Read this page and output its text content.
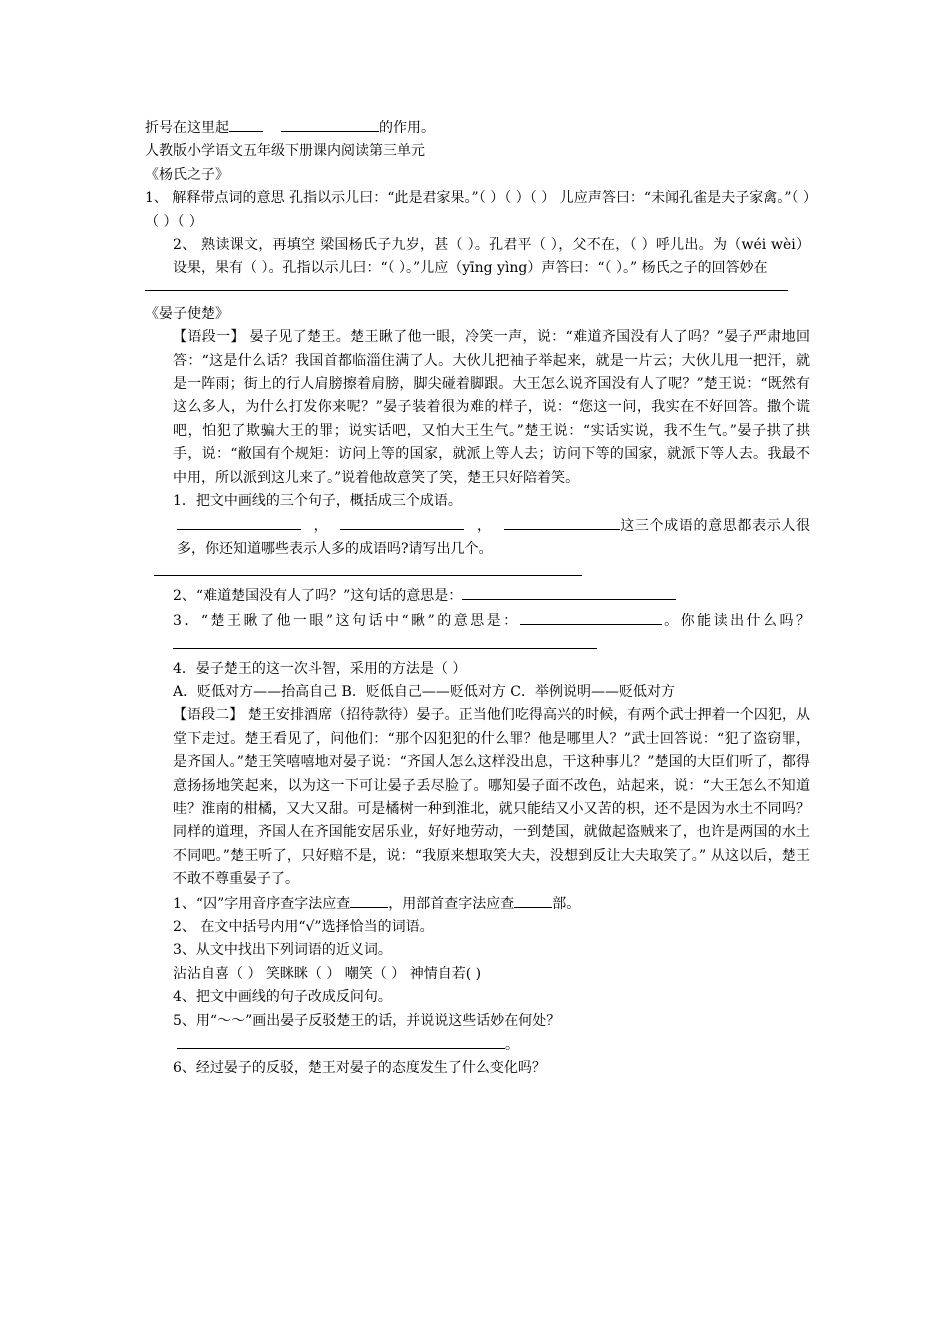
折号在这里起	的作用。
人教版小学语文五年级下册课内阅读第三单元
《杨氏之子》
1、 解释带点词的意思 孔指以示儿曰：“此是君家果。”（ ）（ ）（ ） 儿应声答曰：“未闻孔雀是夫子家禽。”（ ）（ ）（ ）
2、 熟读课文，再填空 梁国杨氏子九岁，甚（ ）。孔君平（ ），父不在，（ ）呼儿出。为（wéi wèi）设果，果有（ ）。孔指以示儿曰：“（ ）。”儿应（yīng yìng）声答曰：“（ ）。” 杨氏之子的回答妙在
《晏子使楚》
【语段一】 晏子见了楚王。楚王瞅了他一眼，冷笑一声，说：“难道齐国没有人了吗？”晏子严肃地回答：“这是什么话？我国首都临淄住满了人。大伙儿把袖子举起来，就是一片云；大伙儿甩一把汗，就是一阵雨；街上的行人肩膀擦着肩膀，脚尖碰着脚跟。大王怎么说齐国没有人了呢？”楚王说：“既然有这么多人，为什么打发你来呢？”晏子装着很为难的样子，说：“您这一问，我实在不好回答。撒个谎吧，怕犯了欺骗大王的罪；说实话吧，又怕大王生气。”楚王说：“实话实说，我不生气。”晏子拱了拱手，说：“敝国有个规矩：访问上等的国家，就派上等人去；访问下等的国家，就派下等人去。我最不中用，所以派到这儿来了。”说着他故意笑了笑，楚王只好陪着笑。
1．把文中画线的三个句子，概括成三个成语。
，	，	这三个成语的意思都表示人很多，你还知道哪些表示人多的成语吗?请写出几个。
2、“难道楚国没有人了吗？”这句话的意思是：
3．“楚王瞅了他一眼”这句话中“瞅”的意思是：	。你能读出什么吗？
4．晏子楚王的这一次斗智，采用的方法是（ ）
A．贬低对方——抬高自己 B．贬低自己——贬低对方 C．举例说明——贬低对方
【语段二】 楚王安排酒席（招待款待）晏子。正当他们吃得高兴的时候，有两个武士押着一个囚犯，从堂下走过。楚王看见了，问他们：“那个囚犯犯的什么罪？他是哪里人？”武士回答说：“犯了盗窃罪，是齐国人。”楚王笑嘻嘻地对晏子说：“齐国人怎么这样没出息，干这种事儿？”楚国的大臣们听了，都得意扬扬地笑起来，以为这一下可让晏子丢尽脸了。哪知晏子面不改色，站起来，说：“大王怎么不知道哇？淮南的柑橘，又大又甜。可是橘树一种到淮北，就只能结又小又苦的枳，还不是因为水土不同吗？同样的道理，齐国人在齐国能安居乐业，好好地劳动，一到楚国，就做起盗贼来了，也许是两国的水土不同吧。”楚王听了，只好赔不是，说：“我原来想取笑大夫，没想到反让大夫取笑了。” 从这以后，楚王不敢不尊重晏子了。
1、“囚”字用音序查字法应查	，用部首查字法应查	部。
2、 在文中括号内用“√”选择恰当的词语。
3、从文中找出下列词语的近义词。
沾沾自喜（ ） 笑眯眯（ ） 嘲笑（ ） 神情自若( )
4、把文中画线的句子改成反问句。
5、用“～～”画出晏子反驳楚王的话，并说说这些话妙在何处？
。
6、经过晏子的反驳，楚王对晏子的态度发生了什么变化吗？
